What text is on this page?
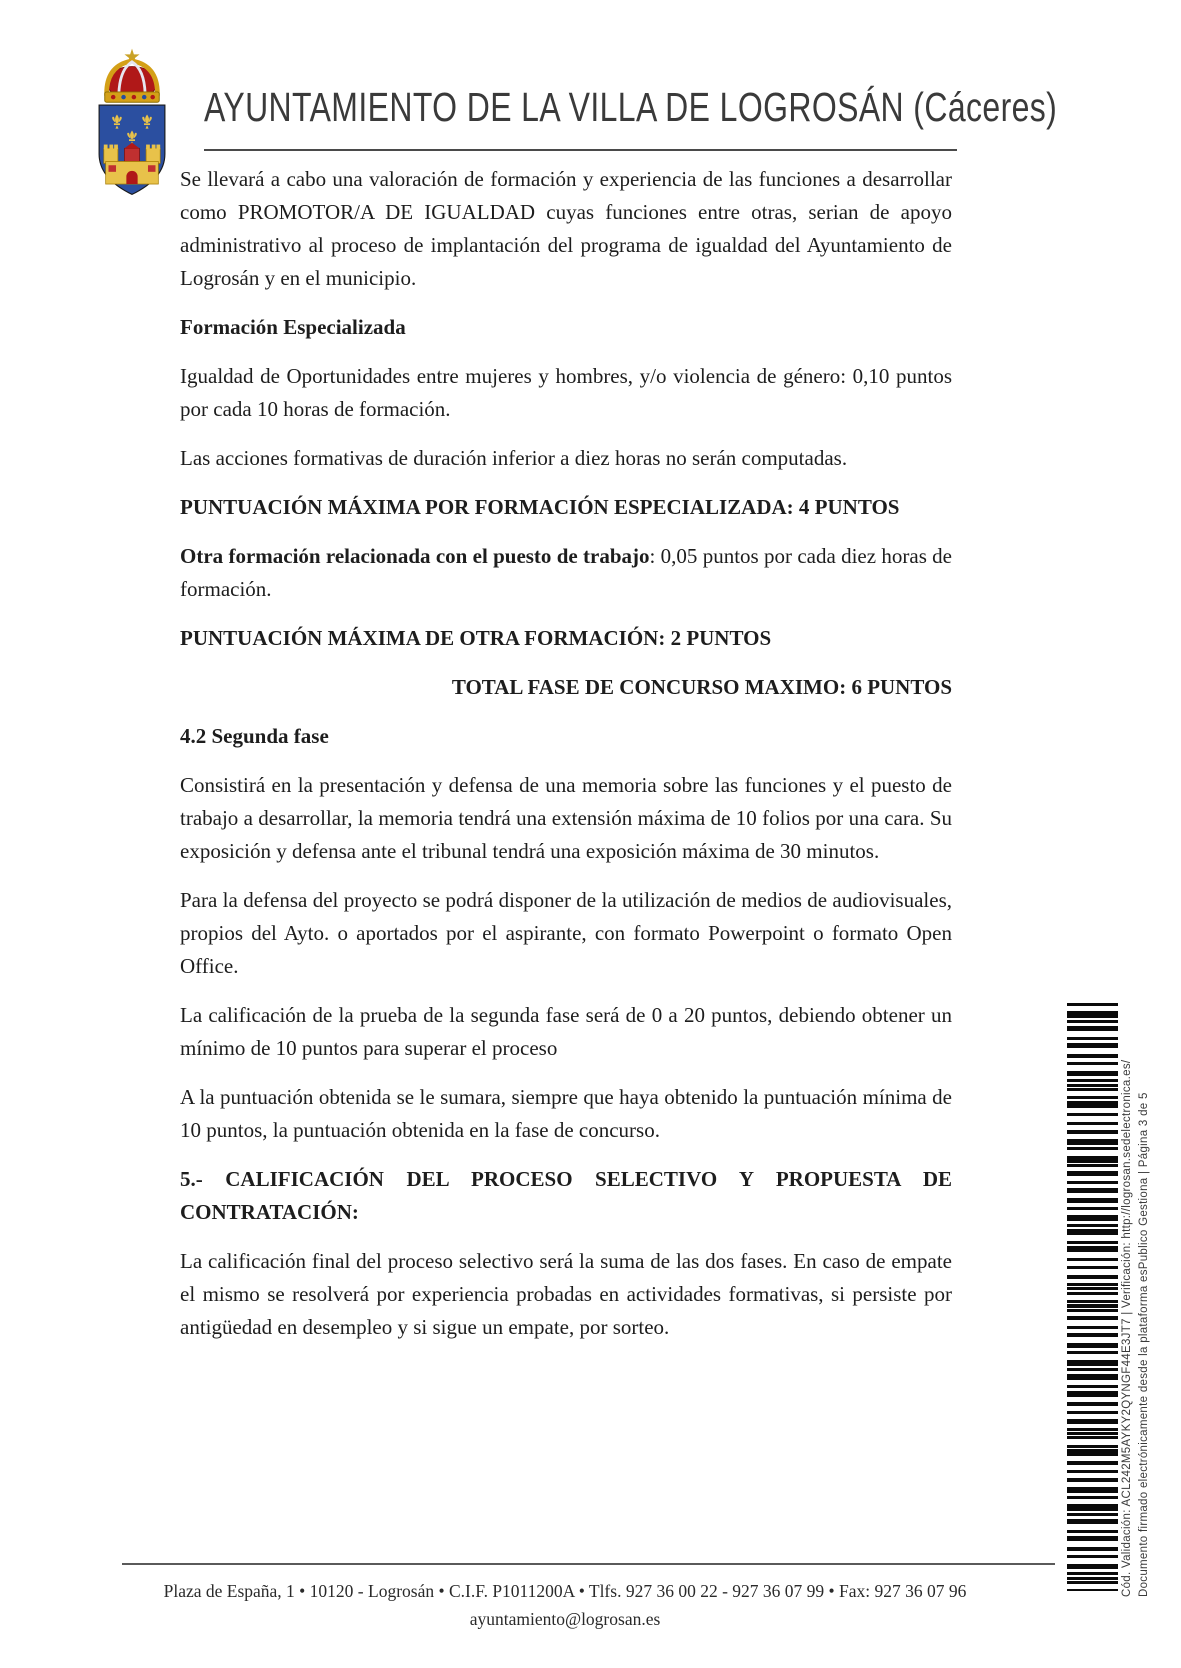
AYUNTAMIENTO DE LA VILLA DE LOGROSÁN (Cáceres)

Se llevará a cabo una valoración de formación y experiencia de las funciones a desarrollar como PROMOTOR/A DE IGUALDAD cuyas funciones entre otras, serian de apoyo administrativo al proceso de implantación del programa de igualdad del Ayuntamiento de Logrosán y en el municipio.

Formación Especializada

Igualdad de Oportunidades entre mujeres y hombres, y/o violencia de género: 0,10 puntos por cada 10 horas de formación.

Las acciones formativas de duración inferior a diez horas no serán computadas.

PUNTUACIÓN MÁXIMA POR FORMACIÓN ESPECIALIZADA: 4 PUNTOS

Otra formación relacionada con el puesto de trabajo: 0,05 puntos por cada diez horas de formación.

PUNTUACIÓN MÁXIMA DE OTRA FORMACIÓN: 2 PUNTOS

TOTAL FASE DE CONCURSO MAXIMO: 6 PUNTOS

4.2 Segunda fase

Consistirá en la presentación y defensa de una memoria sobre las funciones y el puesto de trabajo a desarrollar, la memoria tendrá una extensión máxima de 10 folios por una cara. Su exposición y defensa ante el tribunal tendrá una exposición máxima de 30 minutos.

Para la defensa del proyecto se podrá disponer de la utilización de medios de audiovisuales, propios del Ayto. o aportados por el aspirante, con formato Powerpoint o formato Open Office.

La calificación de la prueba de la segunda fase será de 0 a 20 puntos, debiendo obtener un mínimo de 10 puntos para superar el proceso

A la puntuación obtenida se le sumara, siempre que haya obtenido la puntuación mínima de 10 puntos, la puntuación obtenida en la fase de concurso.

5.- CALIFICACIÓN DEL PROCESO SELECTIVO Y PROPUESTA DE CONTRATACIÓN:

La calificación final del proceso selectivo será la suma de las dos fases. En caso de empate el mismo se resolverá por experiencia probadas en actividades formativas, si persiste por antigüedad en desempleo y si sigue un empate, por sorteo.	Cód. Validación: ACL242M5AYKY2QYNGF44E3JT7 | Verificación: http://logrosan.sedelectronica.es/ Documento firmado electrónicamente desde la plataforma esPublico Gestiona | Página 3 de 5
Plaza de España, 1 • 10120 - Logrosán • C.I.F. P1011200A • Tlfs. 927 36 00 22 - 927 36 07 99 • Fax: 927 36 07 96
ayuntamiento@logrosan.es
